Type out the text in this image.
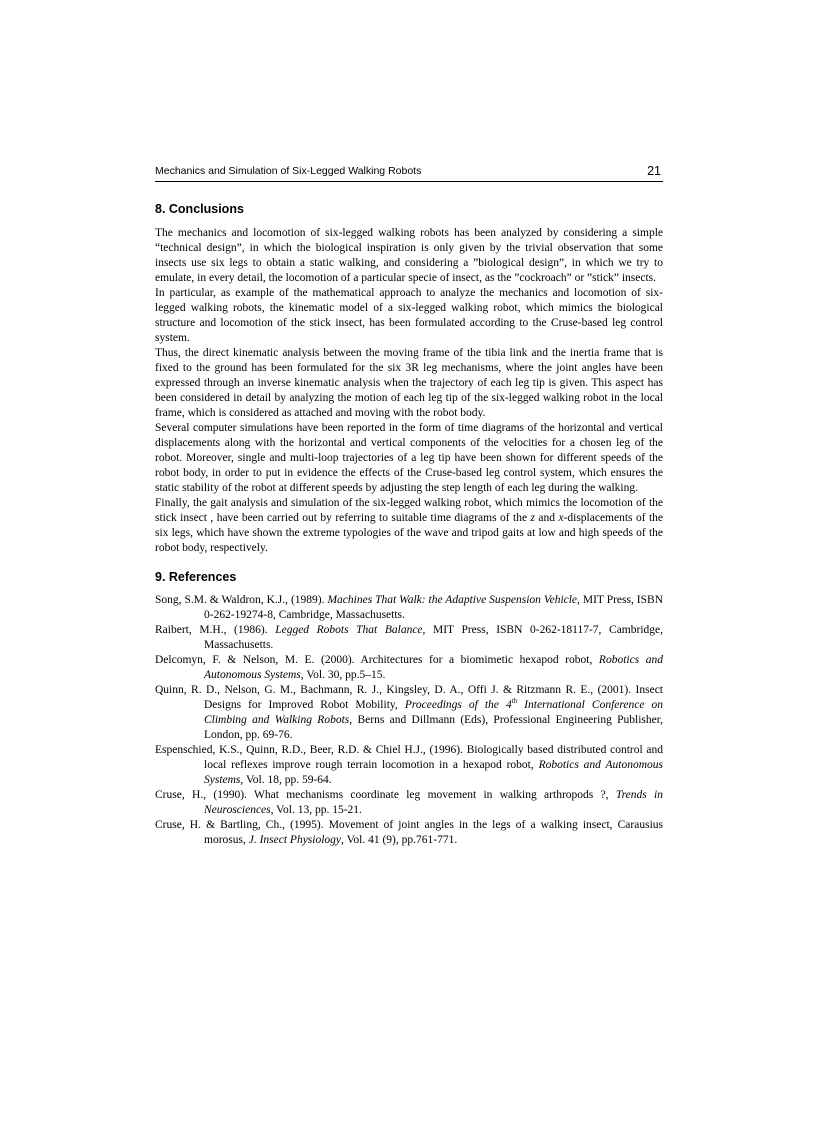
Mechanics and Simulation of Six-Legged Walking Robots	21
8. Conclusions

The mechanics and locomotion of six-legged walking robots has been analyzed by considering a simple “technical design”, in which the biological inspiration is only given by the trivial observation that some insects use six legs to obtain a static walking, and considering a ”biological design”, in which we try to emulate, in every detail, the locomotion of a particular specie of insect, as the ”cockroach” or ”stick” insects.

In particular, as example of the mathematical approach to analyze the mechanics and locomotion of six-legged walking robots, the kinematic model of a six-legged walking robot, which mimics the biological structure and locomotion of the stick insect, has been formulated according to the Cruse-based leg control system.

Thus, the direct kinematic analysis between the moving frame of the tibia link and the inertia frame that is fixed to the ground has been formulated for the six 3R leg mechanisms, where the joint angles have been expressed through an inverse kinematic analysis when the trajectory of each leg tip is given. This aspect has been considered in detail by analyzing the motion of each leg tip of the six-legged walking robot in the local frame, which is considered as attached and moving with the robot body.

Several computer simulations have been reported in the form of time diagrams of the horizontal and vertical displacements along with the horizontal and vertical components of the velocities for a chosen leg of the robot. Moreover, single and multi-loop trajectories of a leg tip have been shown for different speeds of the robot body, in order to put in evidence the effects of the Cruse-based leg control system, which ensures the static stability of the robot at different speeds by adjusting the step length of each leg during the walking.

Finally, the gait analysis and simulation of the six-legged walking robot, which mimics the locomotion of the stick insect , have been carried out by referring to suitable time diagrams of the z and x-displacements of the six legs, which have shown the extreme typologies of the wave and tripod gaits at low and high speeds of the robot body, respectively.

9. References

Song, S.M. & Waldron, K.J., (1989). Machines That Walk: the Adaptive Suspension Vehicle, MIT Press, ISBN 0-262-19274-8, Cambridge, Massachusetts.

Raibert, M.H., (1986). Legged Robots That Balance, MIT Press, ISBN 0-262-18117-7, Cambridge, Massachusetts.

Delcomyn, F. & Nelson, M. E. (2000). Architectures for a biomimetic hexapod robot, Robotics and Autonomous Systems, Vol. 30, pp.5–15.

Quinn, R. D., Nelson, G. M., Bachmann, R. J., Kingsley, D. A., Offi J. & Ritzmann R. E., (2001). Insect Designs for Improved Robot Mobility, Proceedings of the 4th International Conference on Climbing and Walking Robots, Berns and Dillmann (Eds), Professional Engineering Publisher, London, pp. 69-76.

Espenschied, K.S., Quinn, R.D., Beer, R.D. & Chiel H.J., (1996). Biologically based distributed control and local reflexes improve rough terrain locomotion in a hexapod robot, Robotics and Autonomous Systems, Vol. 18, pp. 59-64.

Cruse, H., (1990). What mechanisms coordinate leg movement in walking arthropods ?, Trends in Neurosciences, Vol. 13, pp. 15-21.

Cruse, H. & Bartling, Ch., (1995). Movement of joint angles in the legs of a walking insect, Carausius morosus, J. Insect Physiology, Vol. 41 (9), pp.761-771.
